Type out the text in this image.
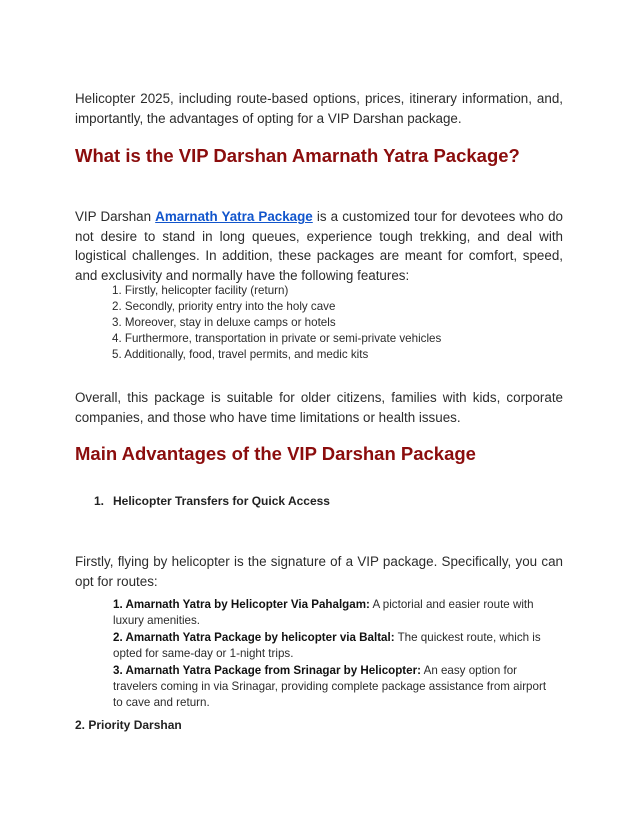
Helicopter 2025, including route-based options, prices, itinerary information, and, importantly, the advantages of opting for a VIP Darshan package.

What is the VIP Darshan Amarnath Yatra Package?

VIP Darshan Amarnath Yatra Package is a customized tour for devotees who do not desire to stand in long queues, experience tough trekking, and deal with logistical challenges. In addition, these packages are meant for comfort, speed, and exclusivity and normally have the following features:

1. Firstly, helicopter facility (return)
2. Secondly, priority entry into the holy cave
3. Moreover, stay in deluxe camps or hotels
4. Furthermore, transportation in private or semi-private vehicles
5. Additionally, food, travel permits, and medic kits

Overall, this package is suitable for older citizens, families with kids, corporate companies, and those who have time limitations or health issues.

Main Advantages of the VIP Darshan Package
1. Helicopter Transfers for Quick Access

Firstly, flying by helicopter is the signature of a VIP package. Specifically, you can opt for routes:

1. Amarnath Yatra by Helicopter Via Pahalgam: A pictorial and easier route with luxury amenities.

2. Amarnath Yatra Package by helicopter via Baltal: The quickest route, which is opted for same-day or 1-night trips.

3. Amarnath Yatra Package from Srinagar by Helicopter: An easy option for travelers coming in via Srinagar, providing complete package assistance from airport to cave and return.

2. Priority Darshan
